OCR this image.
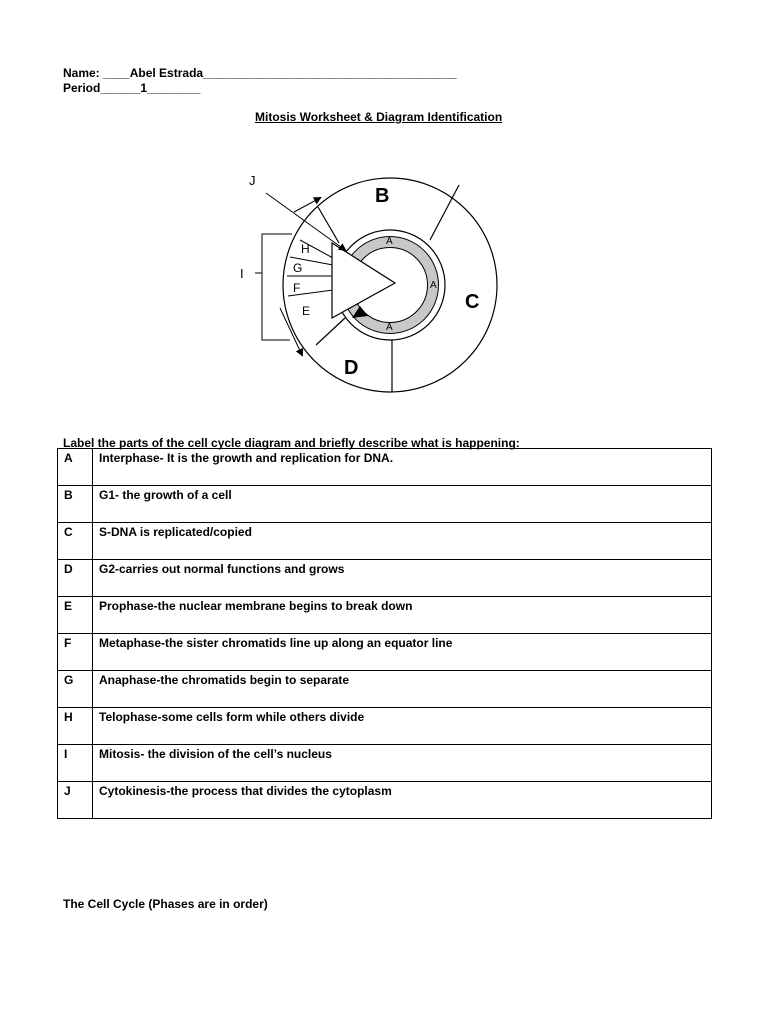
Name: ____Abel Estrada______________________________________
Period______1________
Mitosis Worksheet & Diagram Identification
B
C
D
A
A
A
H
G
F
E
I
J
Label the parts of the cell cycle diagram and briefly describe what is happening:
A	Interphase- It is the growth and replication for DNA.
B	G1- the growth of a cell
C	S-DNA is replicated/copied
D	G2-carries out normal functions and grows
E	Prophase-the nuclear membrane begins to break down
F	Metaphase-the sister chromatids line up along an equator line
G	Anaphase-the chromatids begin to separate
H	Telophase-some cells form while others divide
I	Mitosis- the division of the cell’s nucleus
J	Cytokinesis-the process that divides the cytoplasm
The Cell Cycle (Phases are in order)
